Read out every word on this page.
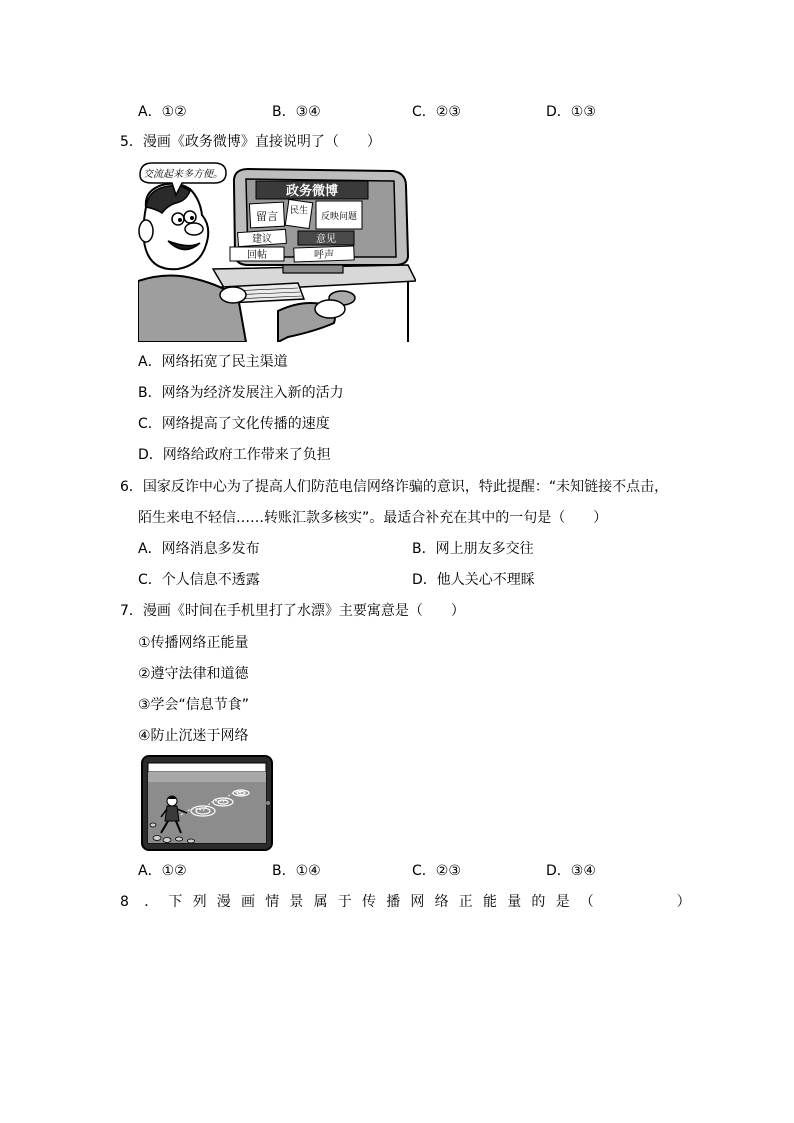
A．①②	B．③④	C．②③	D．①③
5．漫画《政务微博》直接说明了（　　）
政务微博
留言 民生
反映问题
建议	意见
回帖	呼声
交流起来多方便。
A．网络拓宽了民主渠道
B．网络为经济发展注入新的活力
C．网络提高了文化传播的速度
D．网络给政府工作带来了负担
6．国家反诈中心为了提高人们防范电信网络诈骗的意识，特此提醒：“未知链接不点击，
陌生来电不轻信……转账汇款多核实”。最适合补充在其中的一句是（　　）
A．网络消息多发布	B．网上朋友多交往
C．个人信息不透露	D．他人关心不理睬
7．漫画《时间在手机里打了水漂》主要寓意是（　　）
①传播网络正能量
②遵守法律和道德
③学会“信息节食”
④防止沉迷于网络
A．①②	B．①④	C．②③	D．③④
8	． 下 列 漫 画 情 景 属 于 传 播 网 络 正 能 量 的 是 （

　	）
